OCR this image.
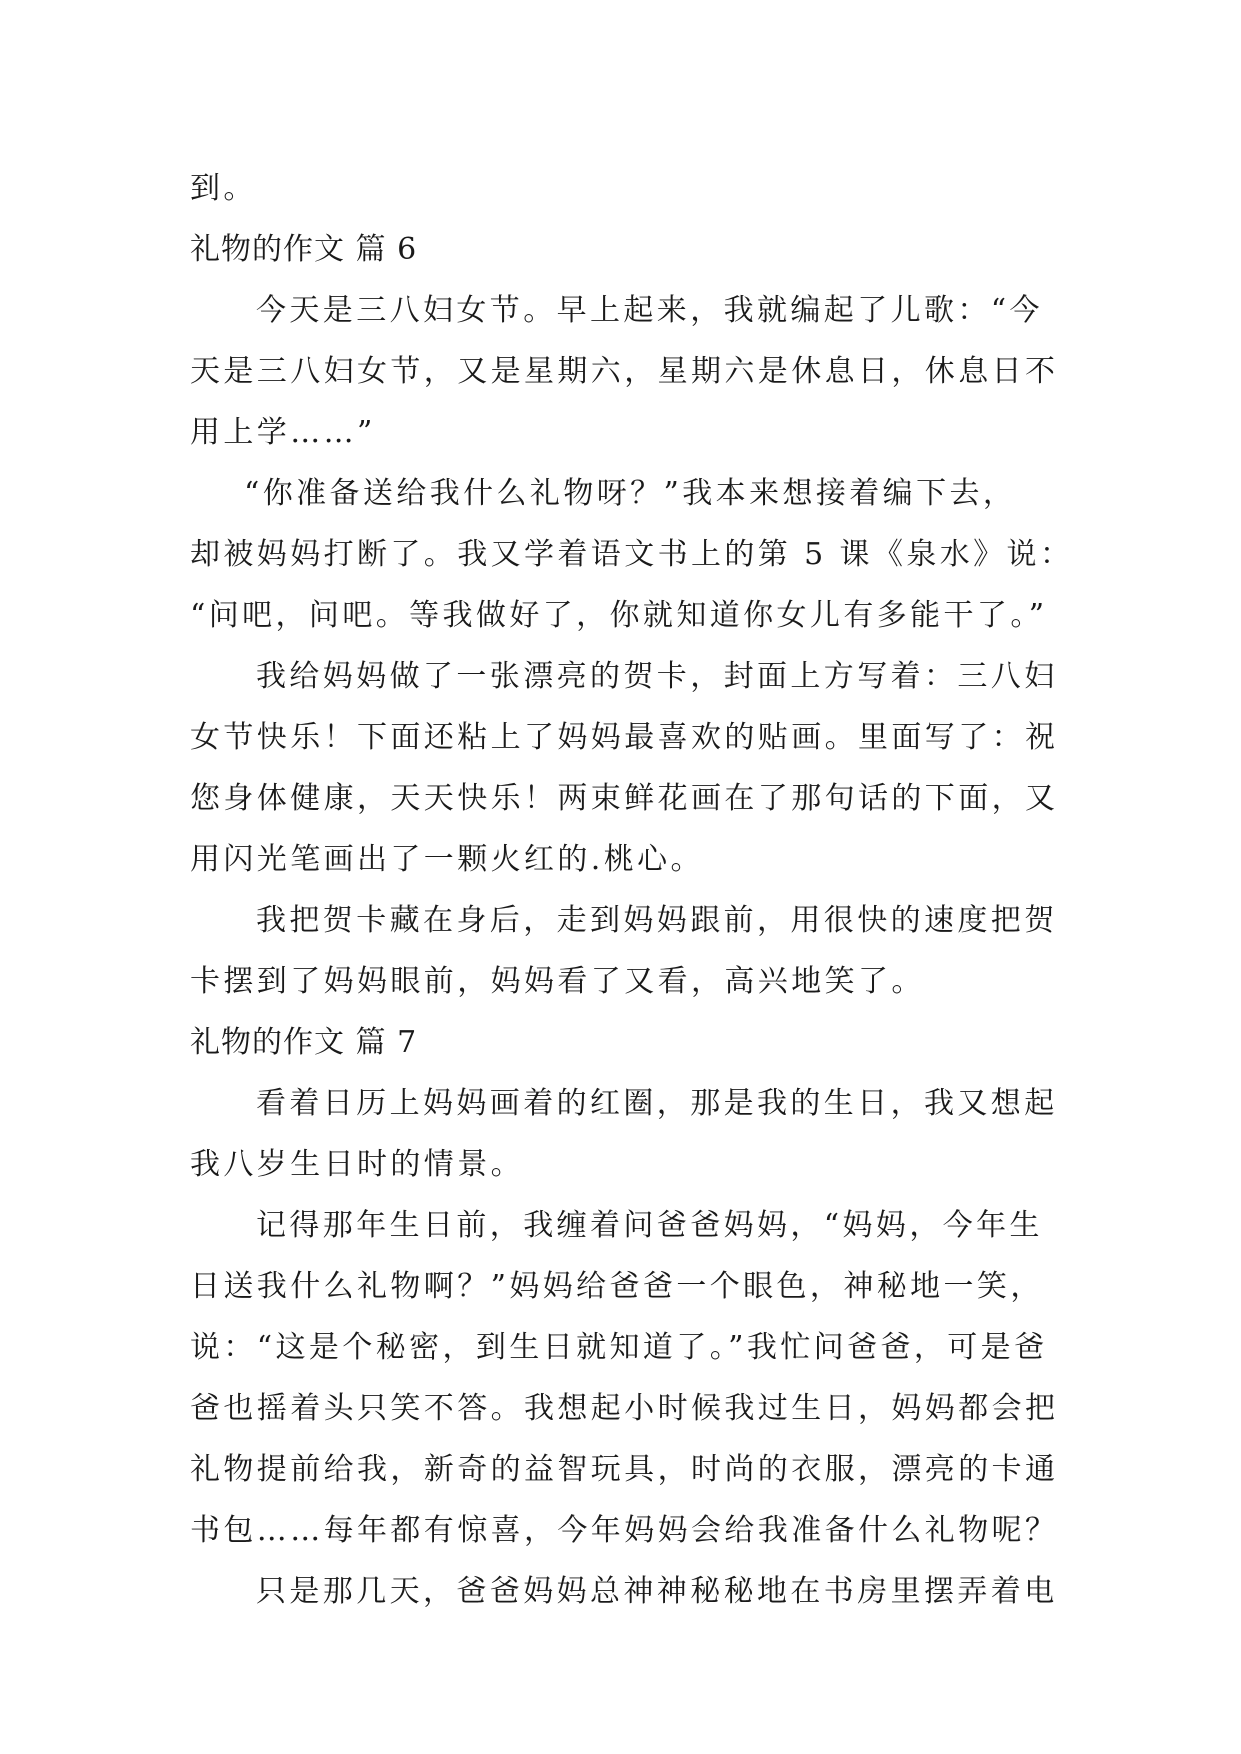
到。

礼物的作文 篇 6

今天是三八妇女节。早上起来，我就编起了儿歌：“今

天是三八妇女节，又是星期六，星期六是休息日，休息日不

用上学……”

“你准备送给我什么礼物呀？”我本来想接着编下去，

却被妈妈打断了。我又学着语文书上的第 5 课《泉水》说：

“问吧，问吧。等我做好了，你就知道你女儿有多能干了。”

我给妈妈做了一张漂亮的贺卡，封面上方写着：三八妇

女节快乐！下面还粘上了妈妈最喜欢的贴画。里面写了：祝

您身体健康，天天快乐！两束鲜花画在了那句话的下面，又

用闪光笔画出了一颗火红的.桃心。

我把贺卡藏在身后，走到妈妈跟前，用很快的速度把贺

卡摆到了妈妈眼前，妈妈看了又看，高兴地笑了。

礼物的作文 篇 7

看着日历上妈妈画着的红圈，那是我的生日，我又想起

我八岁生日时的情景。

记得那年生日前，我缠着问爸爸妈妈，“妈妈，今年生

日送我什么礼物啊？”妈妈给爸爸一个眼色，神秘地一笑，

说：“这是个秘密，到生日就知道了。”我忙问爸爸，可是爸

爸也摇着头只笑不答。我想起小时候我过生日，妈妈都会把

礼物提前给我，新奇的益智玩具，时尚的衣服，漂亮的卡通

书包……每年都有惊喜，今年妈妈会给我准备什么礼物呢？

只是那几天，爸爸妈妈总神神秘秘地在书房里摆弄着电
